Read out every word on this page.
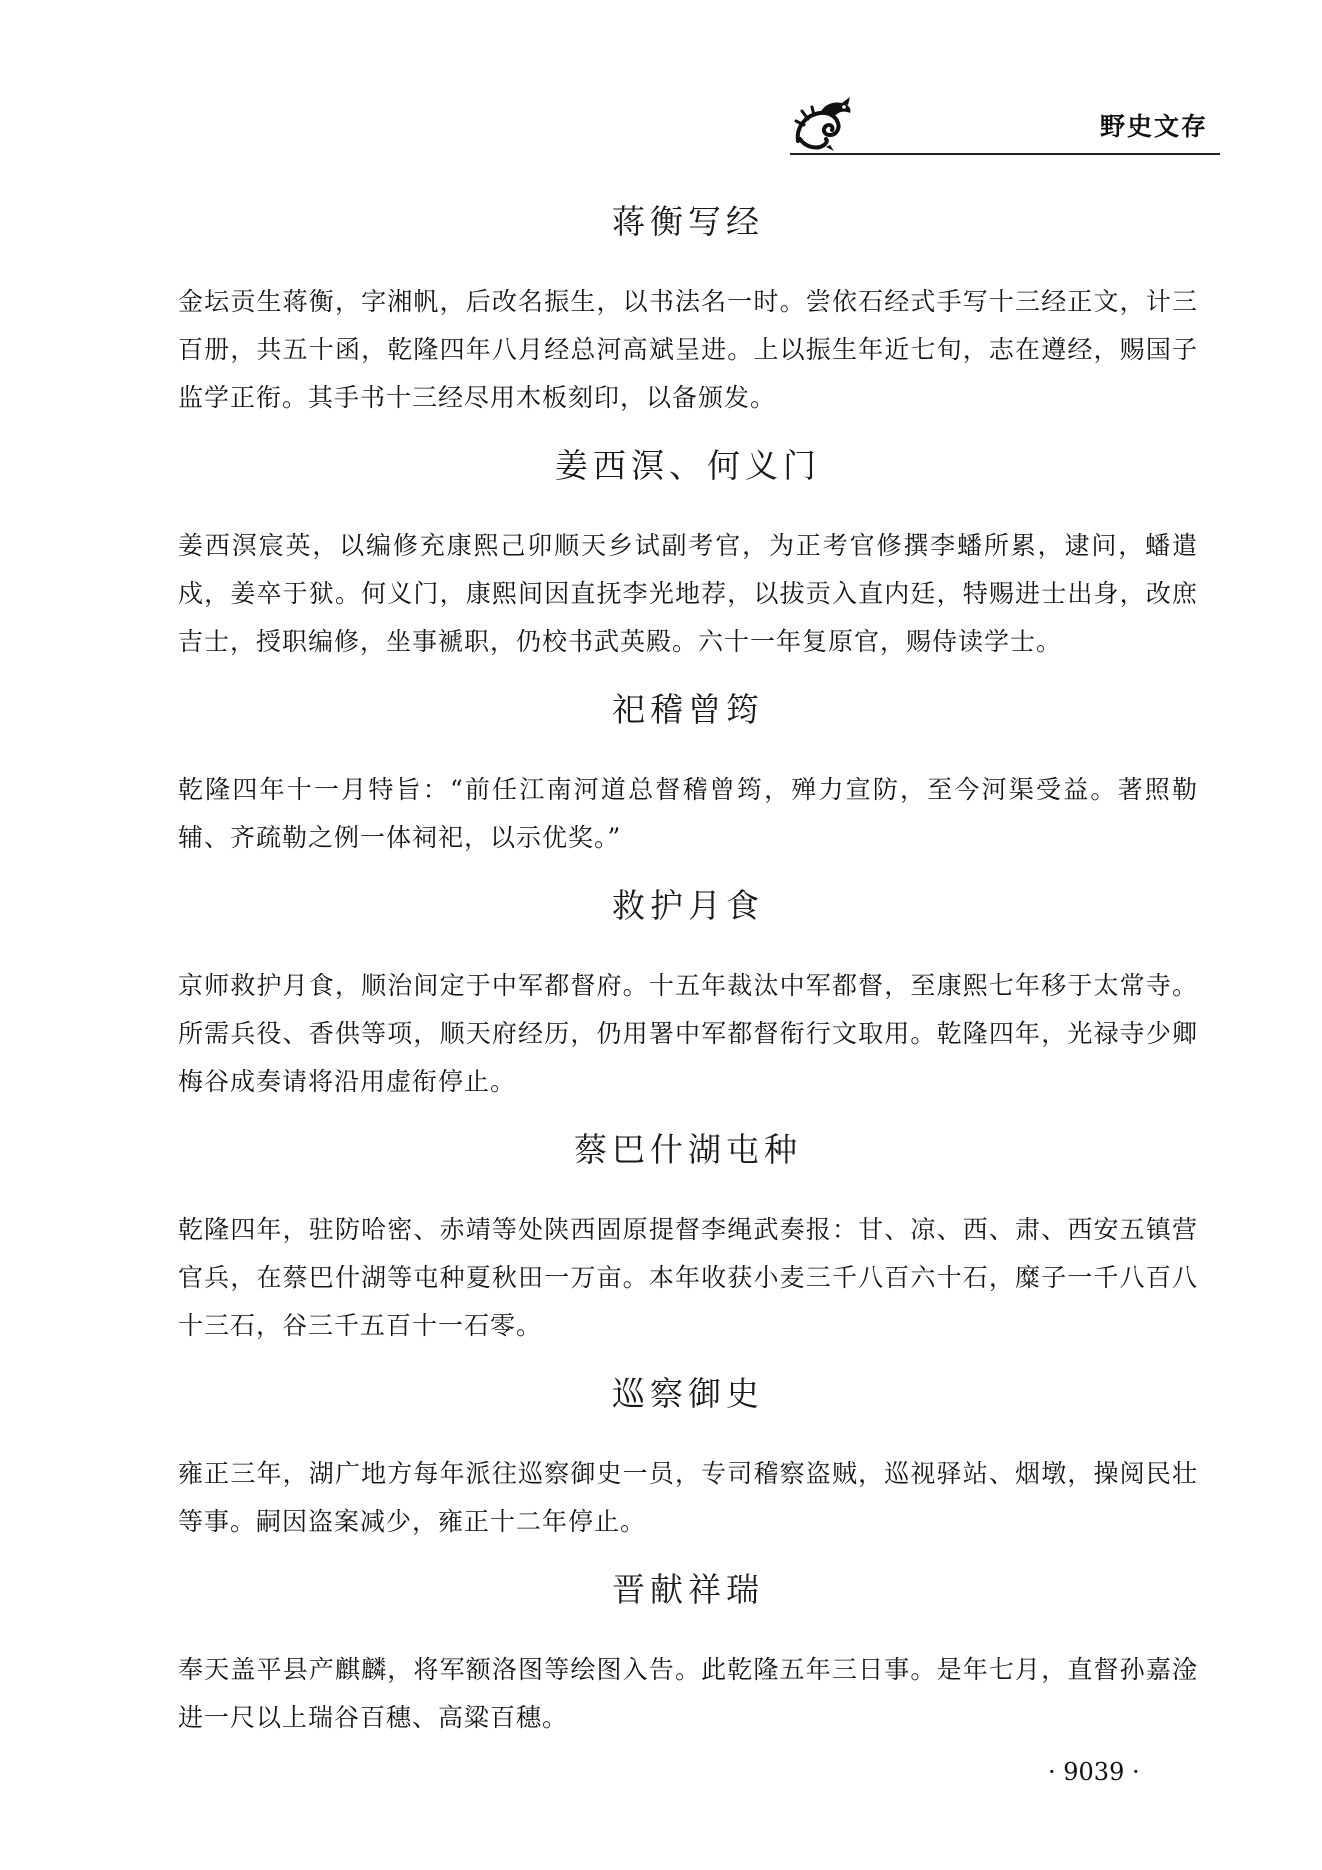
野史文存
蒋衡写经

金坛贡生蒋衡，字湘帆，后改名振生，以书法名一时。尝依石经式手写十三经正文，计三百册，共五十函，乾隆四年八月经总河高斌呈进。上以振生年近七旬，志在遵经，赐国子监学正衔。其手书十三经尽用木板刻印，以备颁发。

姜西溟、何义门

姜西溟宸英，以编修充康熙己卯顺天乡试副考官，为正考官修撰李蟠所累，逮问，蟠遣戍，姜卒于狱。何义门，康熙间因直抚李光地荐，以拔贡入直内廷，特赐进士出身，改庶吉士，授职编修，坐事褫职，仍校书武英殿。六十一年复原官，赐侍读学士。

祀稽曾筠

乾隆四年十一月特旨：“前任江南河道总督稽曾筠，殚力宣防，至今河渠受益。著照勒辅、齐疏勒之例一体祠祀，以示优奖。”

救护月食

京师救护月食，顺治间定于中军都督府。十五年裁汰中军都督，至康熙七年移于太常寺。所需兵役、香供等项，顺天府经历，仍用署中军都督衔行文取用。乾隆四年，光禄寺少卿梅谷成奏请将沿用虚衔停止。

蔡巴什湖屯种

乾隆四年，驻防哈密、赤靖等处陕西固原提督李绳武奏报：甘、凉、西、肃、西安五镇营官兵，在蔡巴什湖等屯种夏秋田一万亩。本年收获小麦三千八百六十石，糜子一千八百八十三石，谷三千五百十一石零。

巡察御史

雍正三年，湖广地方每年派往巡察御史一员，专司稽察盗贼，巡视驿站、烟墩，操阅民壮等事。嗣因盗案减少，雍正十二年停止。

晋献祥瑞

奉天盖平县产麒麟，将军额洛图等绘图入告。此乾隆五年三日事。是年七月，直督孙嘉淦进一尺以上瑞谷百穗、高粱百穗。

· 9039 ·
